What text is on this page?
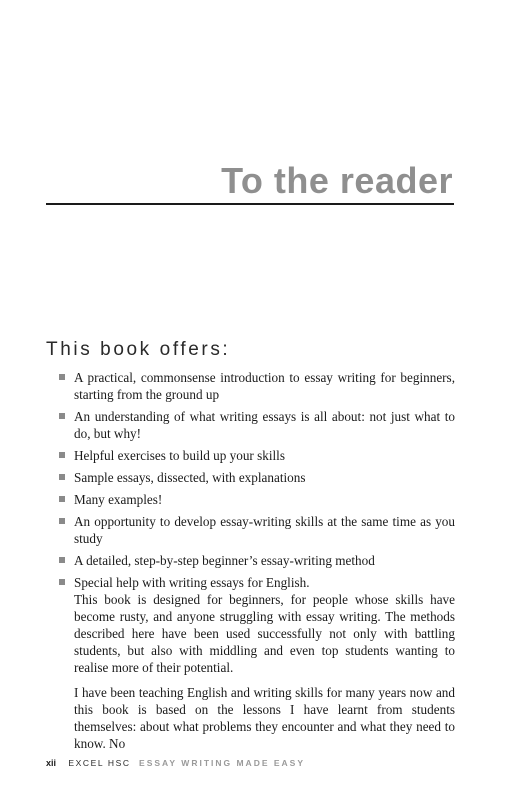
To the reader
This book offers:
A practical, commonsense introduction to essay writing for beginners, starting from the ground up
An understanding of what writing essays is all about: not just what to do, but why!
Helpful exercises to build up your skills
Sample essays, dissected, with explanations
Many examples!
An opportunity to develop essay-writing skills at the same time as you study
A detailed, step-by-step beginner’s essay-writing method
Special help with writing essays for English.

This book is designed for beginners, for people whose skills have become rusty, and anyone struggling with essay writing. The methods described here have been used successfully not only with battling students, but also with middling and even top students wanting to realise more of their potential.

I have been teaching English and writing skills for many years now and this book is based on the lessons I have learnt from students themselves: about what problems they encounter and what they need to know. No

xii EXCEL HSC ESSAY WRITING MADE EASY
